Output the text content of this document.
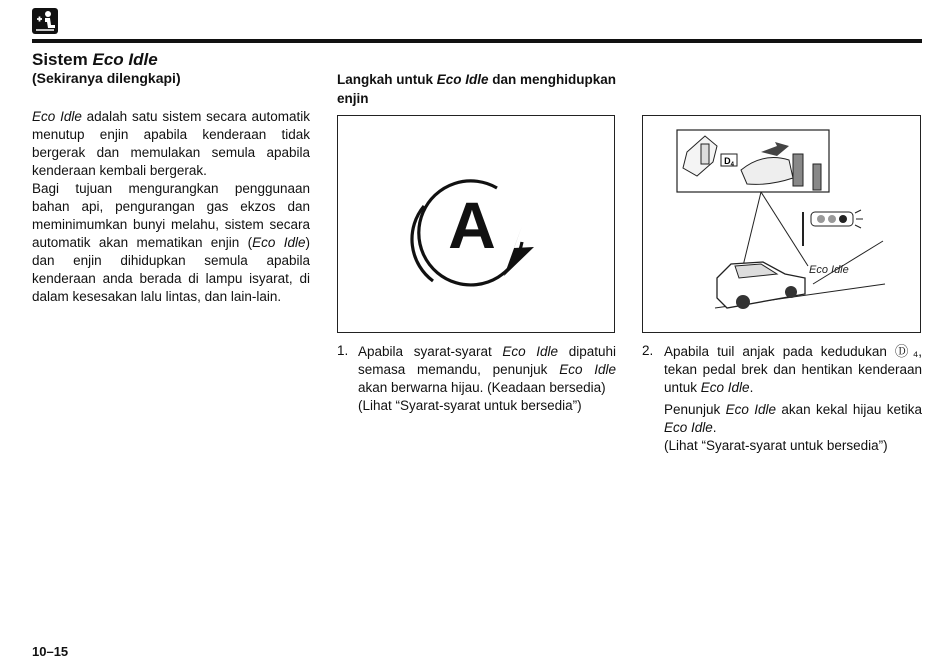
Sistem Eco Idle
(Sekiranya dilengkapi)

Eco Idle adalah satu sistem secara automatik menutup enjin apabila kenderaan tidak bergerak dan memulakan semula apabila kenderaan kembali bergerak.

Bagi tujuan mengurangkan penggunaan bahan api, pengurangan gas ekzos dan meminimumkan bunyi melahu, sistem secara automatik akan mematikan enjin (Eco Idle) dan enjin dihidupkan semula apabila kenderaan anda berada di lampu isyarat, di dalam kesesakan lalu lintas, dan lain-lain.

Langkah untuk Eco Idle dan menghidupkan enjin
A
$D_4$
Eco Idle
1. Apabila syarat-syarat Eco Idle dipatuhi semasa memandu, penunjuk Eco Idle akan berwarna hijau. (Keadaan bersedia)

(Lihat “Syarat-syarat untuk bersedia”)

2. Apabila tuil anjak pada kedudukan Ⓓ₄, tekan pedal brek dan hentikan kenderaan untuk Eco Idle.

Penunjuk Eco Idle akan kekal hijau ketika Eco Idle.

(Lihat “Syarat-syarat untuk bersedia”)

10–15
